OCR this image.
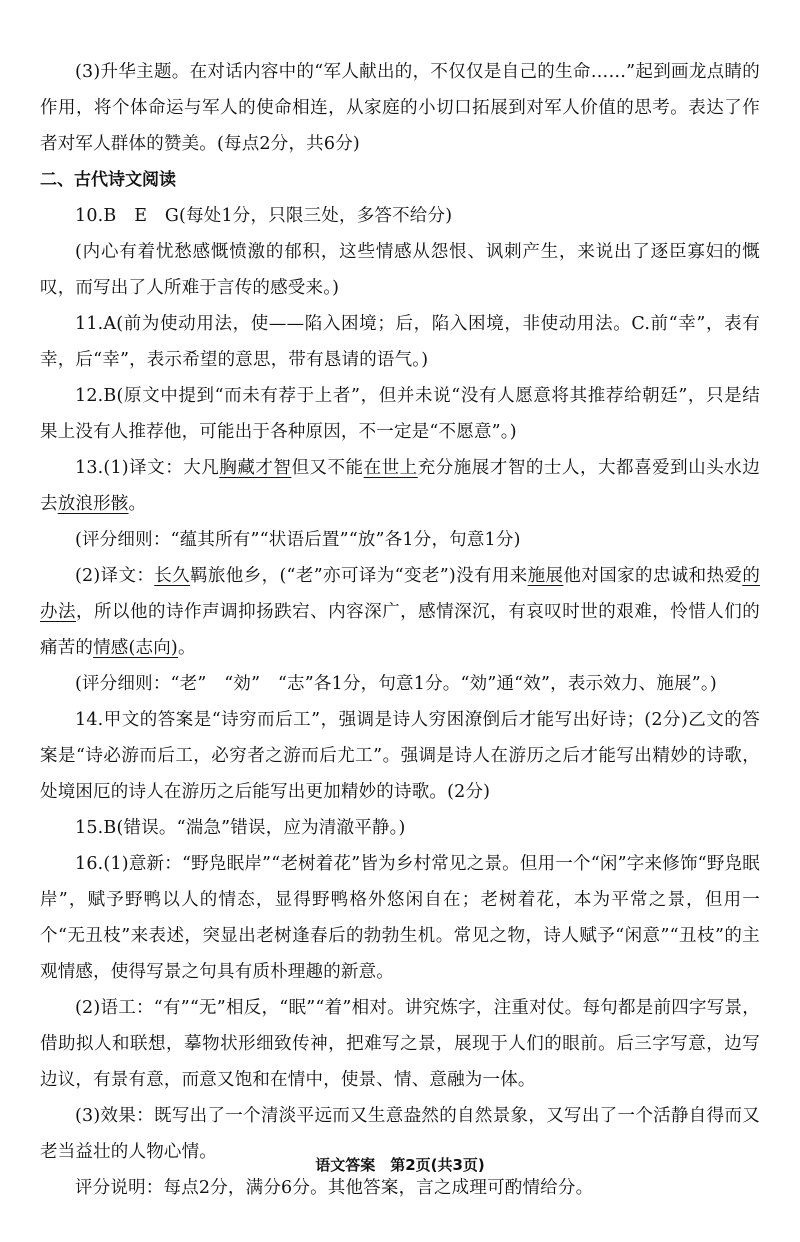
(3)升华主题。在对话内容中的“军人献出的，不仅仅是自己的生命……”起到画龙点睛的作用，将个体命运与军人的使命相连，从家庭的小切口拓展到对军人价值的思考。表达了作者对军人群体的赞美。(每点2分，共6分)

二、古代诗文阅读

10.B　E　G(每处1分，只限三处，多答不给分)

(内心有着忧愁感慨愤激的郁积，这些情感从怨恨、讽刺产生，来说出了逐臣寡妇的慨叹，而写出了人所难于言传的感受来。)

11.A(前为使动用法，使——陷入困境；后，陷入困境，非使动用法。C.前“幸”，表有幸，后“幸”，表示希望的意思，带有恳请的语气。)

12.B(原文中提到“而未有荐于上者”，但并未说“没有人愿意将其推荐给朝廷”，只是结果上没有人推荐他，可能出于各种原因，不一定是“不愿意”。)

13.(1)译文：大凡胸藏才智但又不能在世上充分施展才智的士人，大都喜爱到山头水边去放浪形骸。

(评分细则：“蕴其所有”“状语后置”“放”各1分，句意1分)

(2)译文：长久羁旅他乡，(“老”亦可译为“变老”)没有用来施展他对国家的忠诚和热爱的办法，所以他的诗作声调抑扬跌宕、内容深广，感情深沉，有哀叹时世的艰难，怜惜人们的痛苦的情感(志向)。

(评分细则：“老”　“効”　“志”各1分，句意1分。“効”通“效”，表示效力、施展”。)

14.甲文的答案是“诗穷而后工”，强调是诗人穷困潦倒后才能写出好诗；(2分)乙文的答案是“诗必游而后工，必穷者之游而后尤工”。强调是诗人在游历之后才能写出精妙的诗歌，处境困厄的诗人在游历之后能写出更加精妙的诗歌。(2分)

15.B(错误。“湍急”错误，应为清澈平静。)

16.(1)意新：“野凫眠岸”“老树着花”皆为乡村常见之景。但用一个“闲”字来修饰“野凫眠岸”，赋予野鸭以人的情态，显得野鸭格外悠闲自在；老树着花，本为平常之景，但用一个“无丑枝”来表述，突显出老树逢春后的勃勃生机。常见之物，诗人赋予“闲意”“丑枝”的主观情感，使得写景之句具有质朴理趣的新意。

(2)语工：“有”“无”相反，“眠”“着”相对。讲究炼字，注重对仗。每句都是前四字写景，借助拟人和联想，摹物状形细致传神，把难写之景，展现于人们的眼前。后三字写意，边写边议，有景有意，而意又饱和在情中，使景、情、意融为一体。

(3)效果：既写出了一个清淡平远而又生意盎然的自然景象，又写出了一个活静自得而又老当益壮的人物心情。

评分说明：每点2分，满分6分。其他答案，言之成理可酌情给分。

语文答案　第2页(共3页)
